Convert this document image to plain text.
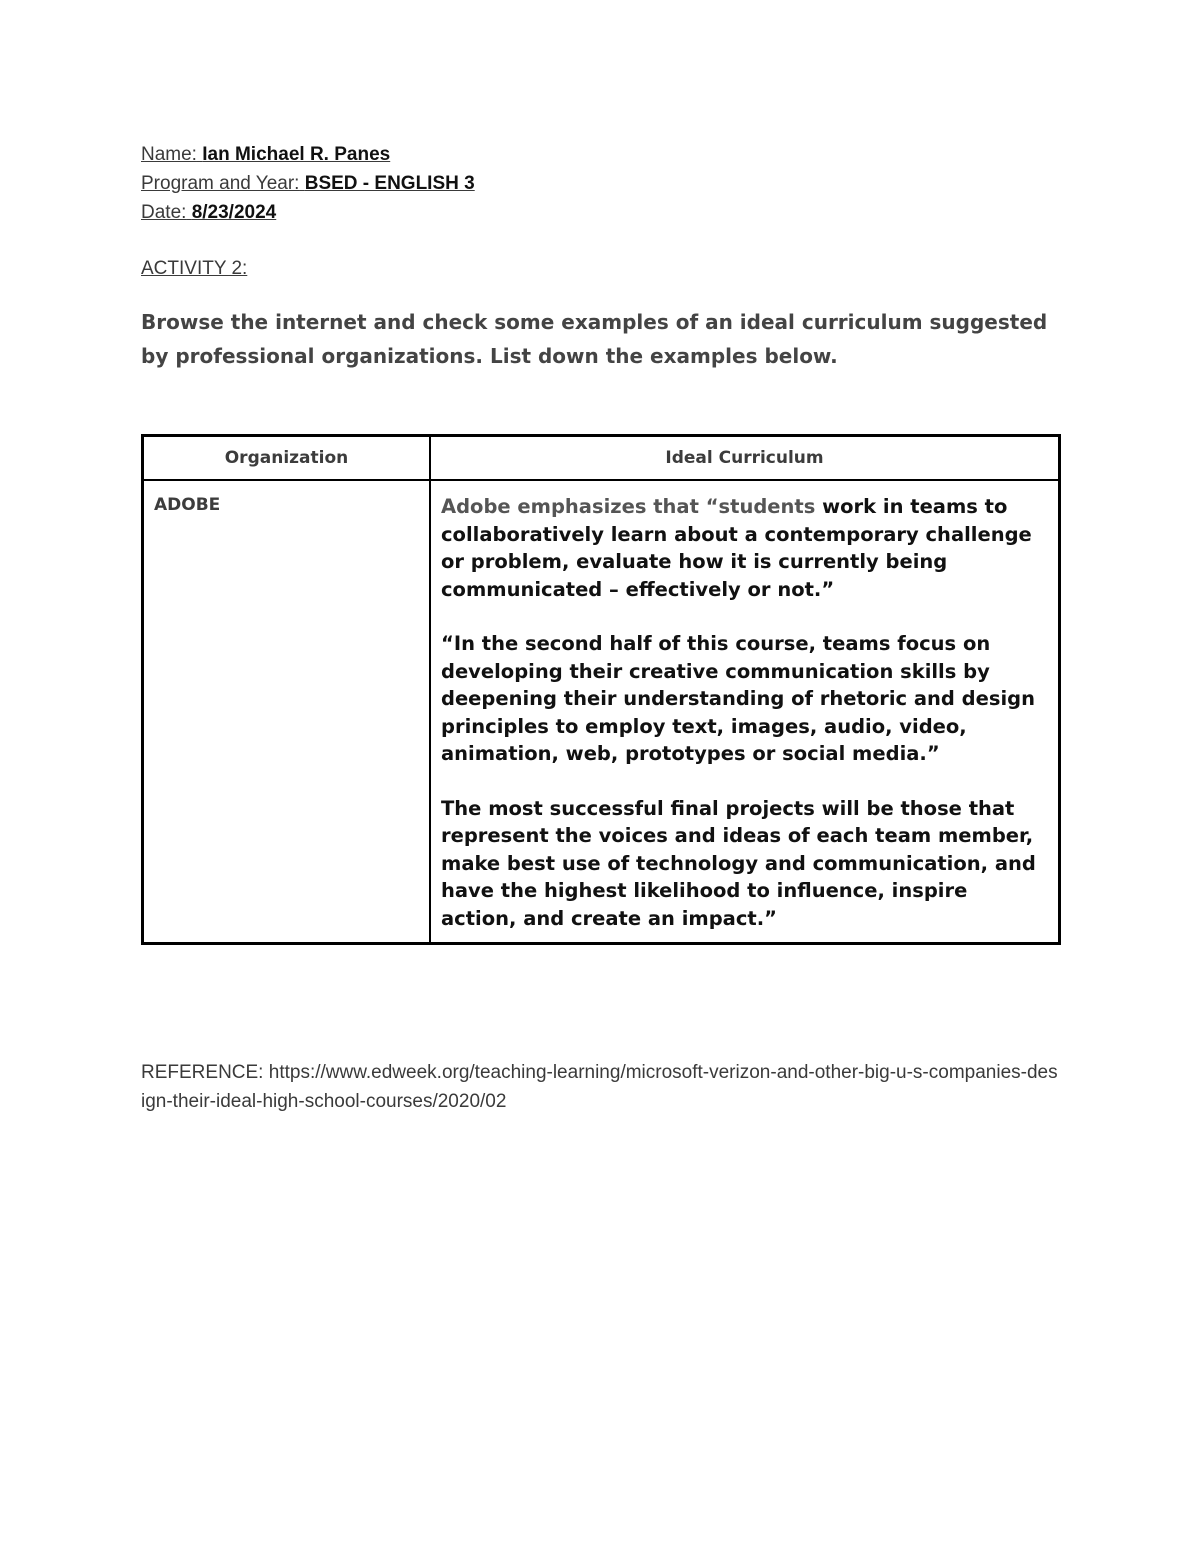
Name: Ian Michael R. Panes

Program and Year: BSED - ENGLISH 3

Date: 8/23/2024

ACTIVITY 2:
Browse the internet and check some examples of an ideal curriculum suggested by professional organizations. List down the examples below.
Organization	Ideal Curriculum
ADOBE	Adobe emphasizes that “students work in teams to collaboratively learn about a contemporary challenge or problem, evaluate how it is currently being communicated – effectively or not.”

“In the second half of this course, teams focus on developing their creative communication skills by deepening their understanding of rhetoric and design principles to employ text, images, audio, video, animation, web, prototypes or social media.”

The most successful final projects will be those that represent the voices and ideas of each team member, make best use of technology and communication, and have the highest likelihood to influence, inspire action, and create an impact.”

REFERENCE: https://www.edweek.org/teaching-learning/microsoft-verizon-and-other-big-u-s-companies-design-their-ideal-high-school-courses/2020/02
